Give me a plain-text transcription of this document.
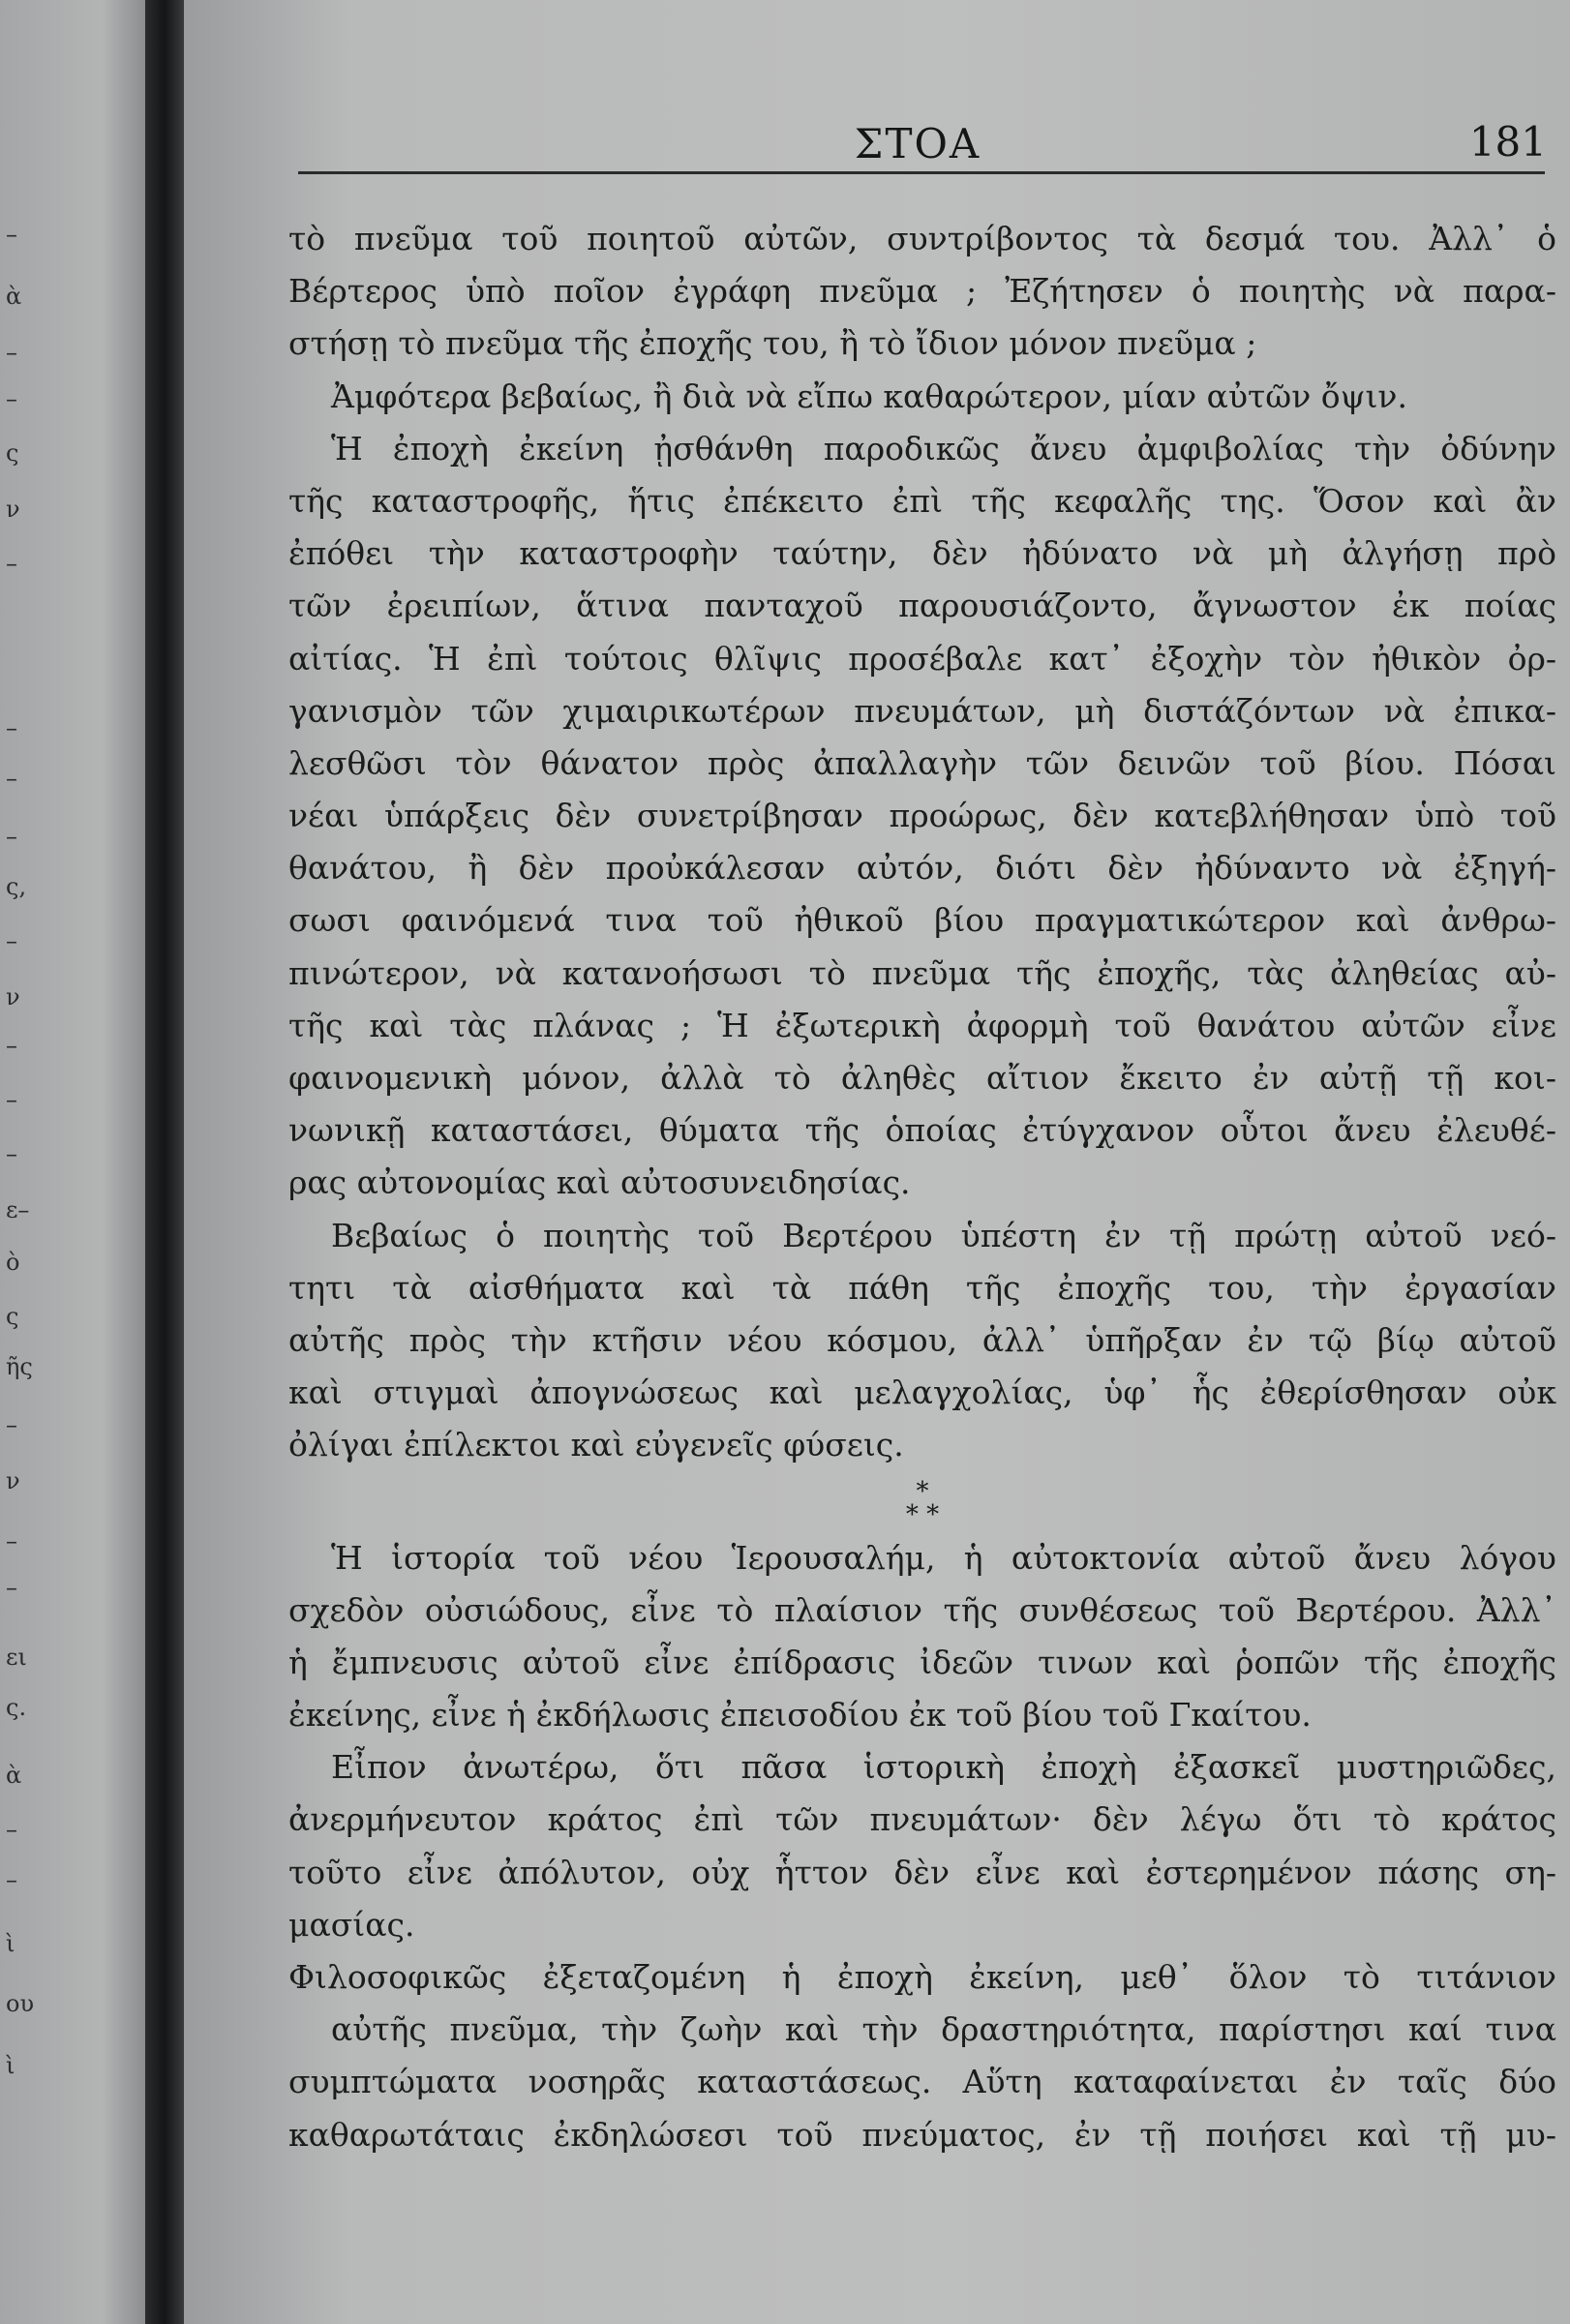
–
ὰ
–
–
ς
ν
–
–
–
–
ς,
–
ν
–
–
–
ε–
ὸ
ς
ῆς
–
ν
–
–
ει
ς.
ὰ
–
–
ὶ
ου
ὶ
ΣΤΟΑ	181
τὸ πνεῦμα τοῦ ποιητοῦ αὐτῶν, συντρίβοντος τὰ δεσμά του. Ἀλλ᾽ ὁ
Βέρτερος ὑπὸ ποῖον ἐγράφη πνεῦμα ; Ἐζήτησεν ὁ ποιητὴς νὰ παρα-
στήσῃ τὸ πνεῦμα τῆς ἐποχῆς του, ἢ τὸ ἴδιον μόνον πνεῦμα ;
Ἀμφότερα βεβαίως, ἢ διὰ νὰ εἴπω καθαρώτερον, μίαν αὐτῶν ὄψιν.
Ἡ ἐποχὴ ἐκείνη ᾐσθάνθη παροδικῶς ἄνευ ἀμφιβολίας τὴν ὀδύνην
τῆς καταστροφῆς, ἥτις ἐπέκειτο ἐπὶ τῆς κεφαλῆς της. Ὅσον καὶ ἂν
ἐπόθει τὴν καταστροφὴν ταύτην, δὲν ἠδύνατο νὰ μὴ ἀλγήσῃ πρὸ
τῶν ἐρειπίων, ἅτινα πανταχοῦ παρουσιάζοντο, ἄγνωστον ἐκ ποίας
αἰτίας. Ἡ ἐπὶ τούτοις θλῖψις προσέβαλε κατ᾽ ἐξοχὴν τὸν ἠθικὸν ὀρ-
γανισμὸν τῶν χιμαιρικωτέρων πνευμάτων, μὴ διστάζόντων νὰ ἐπικα-
λεσθῶσι τὸν θάνατον πρὸς ἀπαλλαγὴν τῶν δεινῶν τοῦ βίου. Πόσαι
νέαι ὑπάρξεις δὲν συνετρίβησαν προώρως, δὲν κατεβλήθησαν ὑπὸ τοῦ
θανάτου, ἢ δὲν προὐκάλεσαν αὐτόν, διότι δὲν ἠδύναντο νὰ ἐξηγή-
σωσι φαινόμενά τινα τοῦ ἠθικοῦ βίου πραγματικώτερον καὶ ἀνθρω-
πινώτερον, νὰ κατανοήσωσι τὸ πνεῦμα τῆς ἐποχῆς, τὰς ἀληθείας αὐ-
τῆς καὶ τὰς πλάνας ; Ἡ ἐξωτερικὴ ἀφορμὴ τοῦ θανάτου αὐτῶν εἶνε
φαινομενικὴ μόνον, ἀλλὰ τὸ ἀληθὲς αἴτιον ἔκειτο ἐν αὐτῇ τῇ κοι-
νωνικῇ καταστάσει, θύματα τῆς ὁποίας ἐτύγχανον οὗτοι ἄνευ ἐλευθέ-
ρας αὐτονομίας καὶ αὐτοσυνειδησίας.
Βεβαίως ὁ ποιητὴς τοῦ Βερτέρου ὑπέστη ἐν τῇ πρώτῃ αὐτοῦ νεό-
τητι τὰ αἰσθήματα καὶ τὰ πάθη τῆς ἐποχῆς του, τὴν ἐργασίαν
αὐτῆς πρὸς τὴν κτῆσιν νέου κόσμου, ἀλλ᾽ ὑπῆρξαν ἐν τῷ βίῳ αὐτοῦ
καὶ στιγμαὶ ἀπογνώσεως καὶ μελαγχολίας, ὑφ᾽ ἧς ἐθερίσθησαν οὐκ
ὀλίγαι ἐπίλεκτοι καὶ εὐγενεῖς φύσεις.
*
* *
Ἡ ἱστορία τοῦ νέου Ἱερουσαλήμ, ἡ αὐτοκτονία αὐτοῦ ἄνευ λόγου
σχεδὸν οὐσιώδους, εἶνε τὸ πλαίσιον τῆς συνθέσεως τοῦ Βερτέρου. Ἀλλ᾽
ἡ ἔμπνευσις αὐτοῦ εἶνε ἐπίδρασις ἰδεῶν τινων καὶ ῥοπῶν τῆς ἐποχῆς
ἐκείνης, εἶνε ἡ ἐκδήλωσις ἐπεισοδίου ἐκ τοῦ βίου τοῦ Γκαίτου.
Εἶπον ἀνωτέρω, ὅτι πᾶσα ἱστορικὴ ἐποχὴ ἐξασκεῖ μυστηριῶδες,
ἀνερμήνευτον κράτος ἐπὶ τῶν πνευμάτων· δὲν λέγω ὅτι τὸ κράτος
τοῦτο εἶνε ἀπόλυτον, οὐχ ἧττον δὲν εἶνε καὶ ἐστερημένον πάσης ση-
μασίας.
Φιλοσοφικῶς ἐξεταζομένη ἡ ἐποχὴ ἐκείνη, μεθ᾽ ὅλον τὸ τιτάνιον
αὐτῆς πνεῦμα, τὴν ζωὴν καὶ τὴν δραστηριότητα, παρίστησι καί τινα
συμπτώματα νοσηρᾶς καταστάσεως. Αὕτη καταφαίνεται ἐν ταῖς δύο
καθαρωτάταις ἐκδηλώσεσι τοῦ πνεύματος, ἐν τῇ ποιήσει καὶ τῇ μυ-
